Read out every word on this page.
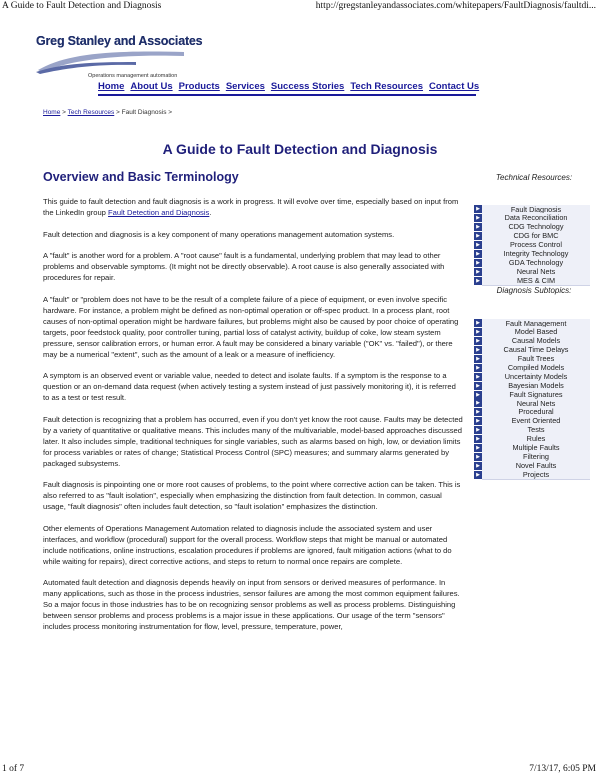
A Guide to Fault Detection and Diagnosis	http://gregstanleyandassociates.com/whitepapers/FaultDiagnosis/faultdi...
Greg Stanley and Associates
Operations management automation
Home About Us Products Services Success Stories Tech Resources Contact Us
Home > Tech Resources > Fault Diagnosis >
A Guide to Fault Detection and Diagnosis
Overview and Basic Terminology

This guide to fault detection and fault diagnosis is a work in progress. It will evolve over time, especially based on input from the LinkedIn group Fault Detection and Diagnosis.

Fault detection and diagnosis is a key component of many operations management automation systems.

A "fault" is another word for a problem. A "root cause" fault is a fundamental, underlying problem that may lead to other problems and observable symptoms. (It might not be directly observable). A root cause is also generally associated with procedures for repair.

A "fault" or "problem does not have to be the result of a complete failure of a piece of equipment, or even involve specific hardware. For instance, a problem might be defined as non-optimal operation or off-spec product. In a process plant, root causes of non-optimal operation might be hardware failures, but problems might also be caused by poor choice of operating targets, poor feedstock quality, poor controller tuning, partial loss of catalyst activity, buildup of coke, low steam system pressure, sensor calibration errors, or human error. A fault may be considered a binary variable ("OK" vs. "failed"), or there may be a numerical "extent", such as the amount of a leak or a measure of inefficiency.

A symptom is an observed event or variable value, needed to detect and isolate faults. If a symptom is the response to a question or an on-demand data request (when actively testing a system instead of just passively monitoring it), it is referred to as a test or test result.

Fault detection is recognizing that a problem has occurred, even if you don't yet know the root cause. Faults may be detected by a variety of quantitative or qualitative means. This includes many of the multivariable, model-based approaches discussed later. It also includes simple, traditional techniques for single variables, such as alarms based on high, low, or deviation limits for process variables or rates of change; Statistical Process Control (SPC) measures; and summary alarms generated by packaged subsystems.

Fault diagnosis is pinpointing one or more root causes of problems, to the point where corrective action can be taken. This is also referred to as "fault isolation", especially when emphasizing the distinction from fault detection. In common, casual usage, "fault diagnosis" often includes fault detection, so "fault isolation" emphasizes the distinction.

Other elements of Operations Management Automation related to diagnosis include the associated system and user interfaces, and workflow (procedural) support for the overall process. Workflow steps that might be manual or automated include notifications, online instructions, escalation procedures if problems are ignored, fault mitigation actions (what to do while waiting for repairs), direct corrective actions, and steps to return to normal once repairs are complete.

Automated fault detection and diagnosis depends heavily on input from sensors or derived measures of performance. In many applications, such as those in the process industries, sensor failures are among the most common equipment failures. So a major focus in those industries has to be on recognizing sensor problems as well as process problems. Distinguishing between sensor problems and process problems is a major issue in these applications. Our usage of the term "sensors" includes process monitoring instrumentation for flow, level, pressure, temperature, power,

Technical Resources:
▶	Fault Diagnosis
▶	Data Reconciliation
▶	CDG Technology
▶	CDG for BMC
▶	Process Control
▶	Integrity Technology
▶	GDA Technology
▶	Neural Nets
▶	MES & CIM
Diagnosis Subtopics:
▶	Fault Management
▶	Model Based
▶	Causal Models
▶	Causal Time Delays
▶	Fault Trees
▶	Compiled Models
▶	Uncertainty Models
▶	Bayesian Models
▶	Fault Signatures
▶	Neural Nets
▶	Procedural
▶	Event Oriented
▶	Tests
▶	Rules
▶	Multiple Faults
▶	Filtering
▶	Novel Faults
▶	Projects
1 of 7	7/13/17, 6:05 PM
